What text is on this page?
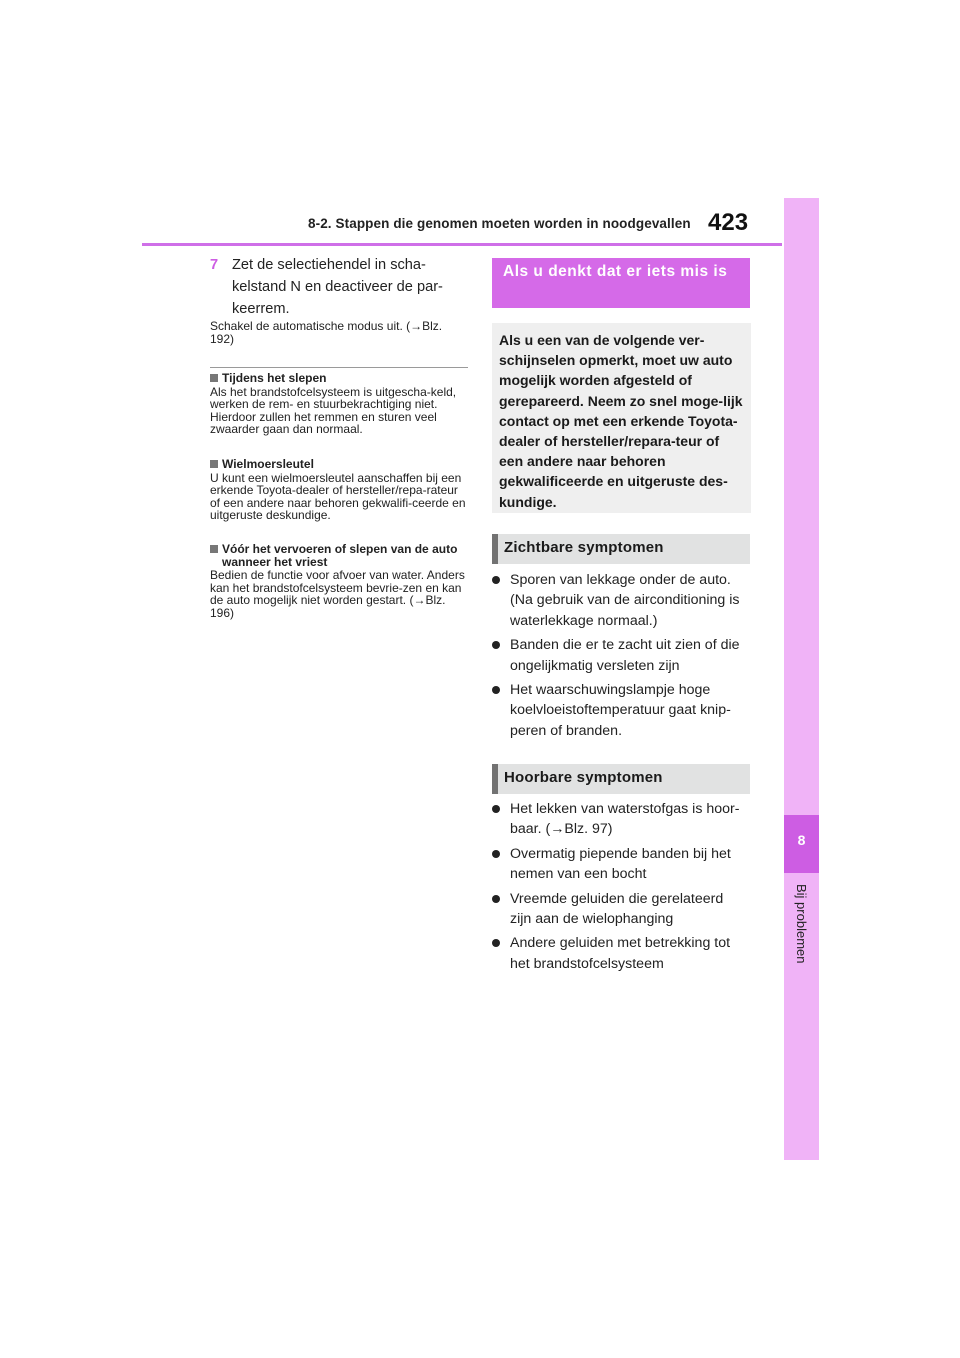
8-2. Stappen die genomen moeten worden in noodgevallen 423
8
Bij problemen
7 Zet de selectiehendel in scha-kelstand N en deactiveer de par-keerrem.
Schakel de automatische modus uit. (→Blz. 192)
Tijdens het slepen
Als het brandstofcelsysteem is uitgescha-keld, werken de rem- en stuurbekrachtiging niet. Hierdoor zullen het remmen en sturen veel zwaarder gaan dan normaal.
Wielmoersleutel
U kunt een wielmoersleutel aanschaffen bij een erkende Toyota-dealer of hersteller/repa-rateur of een andere naar behoren gekwalifi-ceerde en uitgeruste deskundige.
Vóór het vervoeren of slepen van de auto wanneer het vriest
Bedien de functie voor afvoer van water. Anders kan het brandstofcelsysteem bevrie-zen en kan de auto mogelijk niet worden gestart. (→Blz. 196)
Als u denkt dat er iets mis is
Als u een van de volgende ver-schijnselen opmerkt, moet uw auto mogelijk worden afgesteld of gerepareerd. Neem zo snel moge-lijk contact op met een erkende Toyota-dealer of hersteller/repara-teur of een andere naar behoren gekwalificeerde en uitgeruste des-kundige.
Zichtbare symptomen
Sporen van lekkage onder de auto. (Na gebruik van de airconditioning is waterlekkage normaal.)
Banden die er te zacht uit zien of die ongelijkmatig versleten zijn
Het waarschuwingslampje hoge koelvloeistoftemperatuur gaat knip-peren of branden.
Hoorbare symptomen
Het lekken van waterstofgas is hoor-baar. (→Blz. 97)
Overmatig piepende banden bij het nemen van een bocht
Vreemde geluiden die gerelateerd zijn aan de wielophanging
Andere geluiden met betrekking tot het brandstofcelsysteem
